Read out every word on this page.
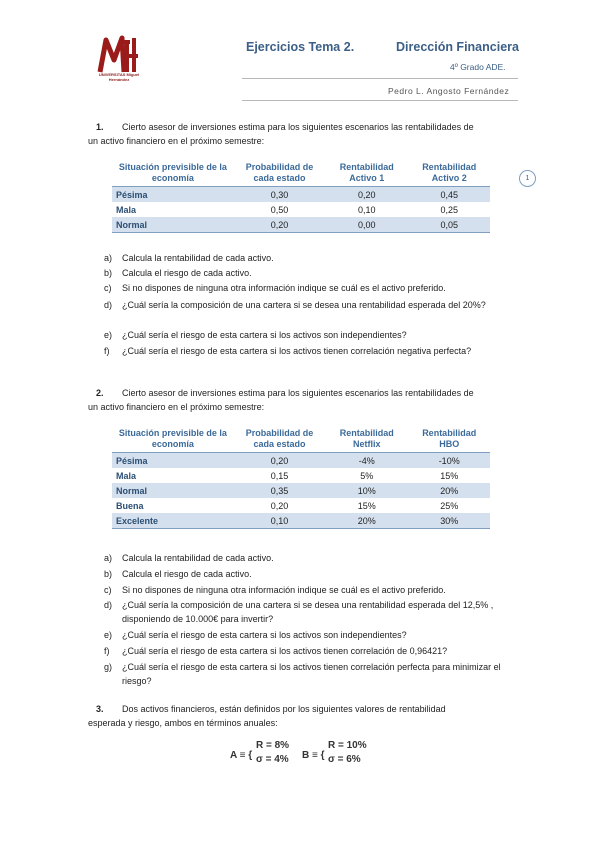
UNIVERSITAS Miguel Hernández
Ejercicios Tema 2.	Dirección Financiera
4º Grado ADE.
Pedro L. Angosto Fernández
1
1. Cierto asesor de inversiones estima para los siguientes escenarios las rentabilidades de
un activo financiero en el próximo semestre:
Situación previsible de la economía	Probabilidad de cada estado	Rentabilidad Activo 1	Rentabilidad Activo 2
Pésima	0,30	0,20	0,45
Mala	0,50	0,10	0,25
Normal	0,20	0,00	0,05
a)	Calcula la rentabilidad de cada activo.
b)	Calcula el riesgo de cada activo.
c)	Si no dispones de ninguna otra información indique se cuál es el activo preferido.
d)	¿Cuál sería la composición de una cartera si se desea una rentabilidad esperada del 20%?
e)	¿Cuál sería el riesgo de esta cartera si los activos son independientes?
f)	¿Cuál sería el riesgo de esta cartera si los activos tienen correlación negativa perfecta?
2. Cierto asesor de inversiones estima para los siguientes escenarios las rentabilidades de
un activo financiero en el próximo semestre:
Situación previsible de la economía	Probabilidad de cada estado	Rentabilidad Netflix	Rentabilidad HBO
Pésima	0,20	-4%	-10%
Mala	0,15	5%	15%
Normal	0,35	10%	20%
Buena	0,20	15%	25%
Excelente	0,10	20%	30%
a)	Calcula la rentabilidad de cada activo.
b)	Calcula el riesgo de cada activo.
c)	Si no dispones de ninguna otra información indique se cuál es el activo preferido.
d)	¿Cuál sería la composición de una cartera si se desea una rentabilidad esperada del 12,5% , disponiendo de 10.000€ para invertir?
e)	¿Cuál sería el riesgo de esta cartera si los activos son independientes?
f)	¿Cuál sería el riesgo de esta cartera si los activos tienen correlación de 0,96421?
g)	¿Cuál sería el riesgo de esta cartera si los activos tienen correlación perfecta para minimizar el riesgo?
3. Dos activos financieros, están definidos por los siguientes valores de rentabilidad
esperada y riesgo, ambos en términos anuales:
A ≡ {
R = 8%
σ = 4% B ≡ {
R = 10%
σ = 6%
